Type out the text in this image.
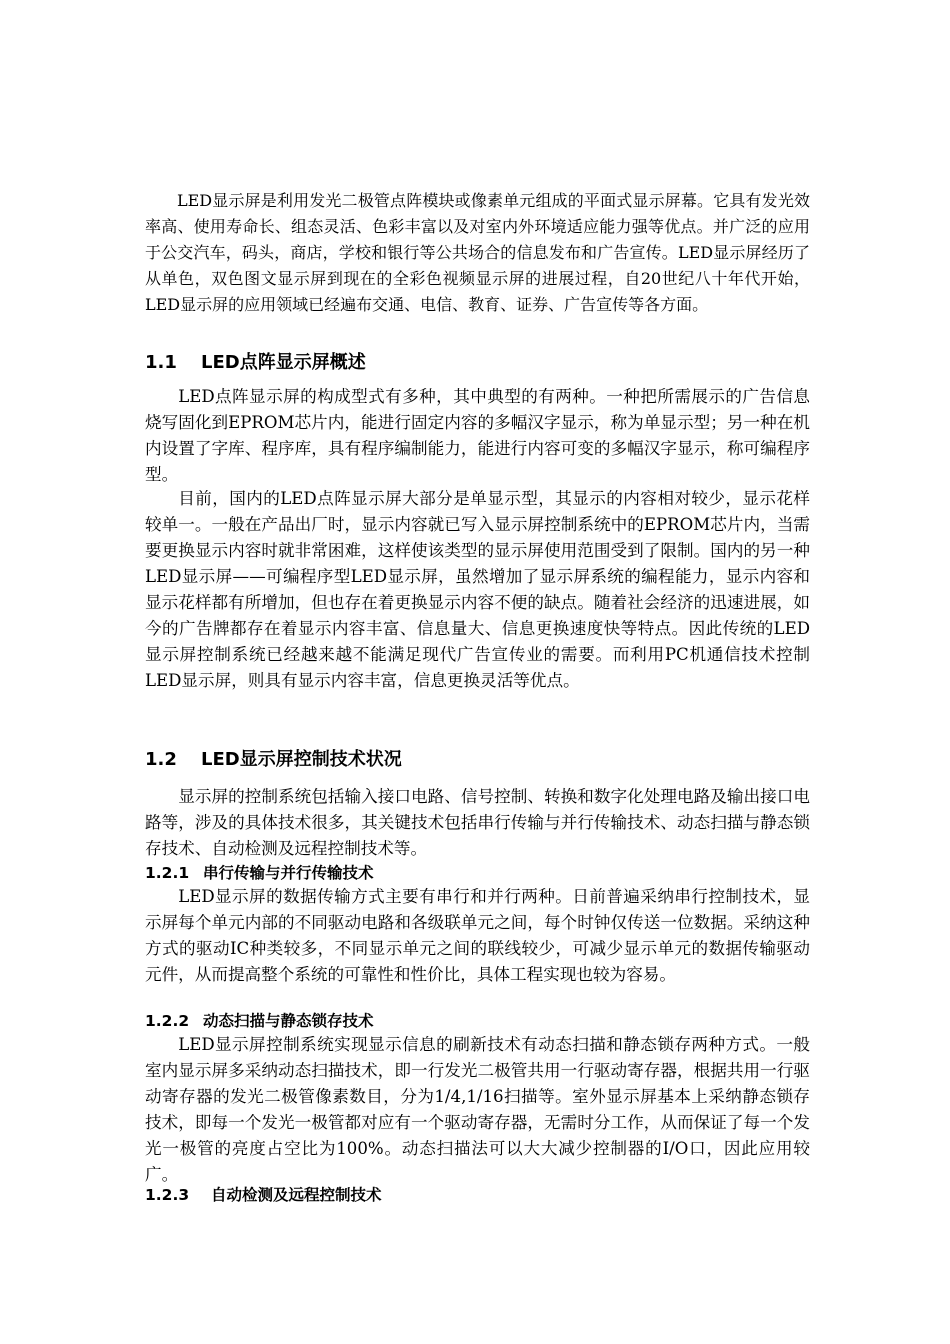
LED显示屏是利用发光二极管点阵模块或像素单元组成的平面式显示屏幕。它具有发光效率高、使用寿命长、组态灵活、色彩丰富以及对室内外环境适应能力强等优点。并广泛的应用于公交汽车，码头，商店，学校和银行等公共场合的信息发布和广告宣传。LED显示屏经历了从单色，双色图文显示屏到现在的全彩色视频显示屏的进展过程，自20世纪八十年代开始，LED显示屏的应用领域已经遍布交通、电信、教育、证券、广告宣传等各方面。

1.1 LED点阵显示屏概述

LED点阵显示屏的构成型式有多种，其中典型的有两种。一种把所需展示的广告信息烧写固化到EPROM芯片内，能进行固定内容的多幅汉字显示，称为单显示型；另一种在机内设置了字库、程序库，具有程序编制能力，能进行内容可变的多幅汉字显示，称可编程序型。

目前，国内的LED点阵显示屏大部分是单显示型，其显示的内容相对较少，显示花样较单一。一般在产品出厂时，显示内容就已写入显示屏控制系统中的EPROM芯片内，当需要更换显示内容时就非常困难，这样使该类型的显示屏使用范围受到了限制。国内的另一种LED显示屏——可编程序型LED显示屏，虽然增加了显示屏系统的编程能力，显示内容和显示花样都有所增加，但也存在着更换显示内容不便的缺点。随着社会经济的迅速进展，如今的广告牌都存在着显示内容丰富、信息量大、信息更换速度快等特点。因此传统的LED显示屏控制系统已经越来越不能满足现代广告宣传业的需要。而利用PC机通信技术控制LED显示屏，则具有显示内容丰富，信息更换灵活等优点。

1.2 LED显示屏控制技术状况

显示屏的控制系统包括输入接口电路、信号控制、转换和数字化处理电路及输出接口电路等，涉及的具体技术很多，其关键技术包括串行传输与并行传输技术、动态扫描与静态锁存技术、自动检测及远程控制技术等。

1.2.1 串行传输与并行传输技术

LED显示屏的数据传输方式主要有串行和并行两种。日前普遍采纳串行控制技术，显示屏每个单元内部的不同驱动电路和各级联单元之间，每个时钟仅传送一位数据。采纳这种方式的驱动IC种类较多，不同显示单元之间的联线较少，可减少显示单元的数据传输驱动元件，从而提高整个系统的可靠性和性价比，具体工程实现也较为容易。

1.2.2 动态扫描与静态锁存技术

LED显示屏控制系统实现显示信息的刷新技术有动态扫描和静态锁存两种方式。一般室内显示屏多采纳动态扫描技术，即一行发光二极管共用一行驱动寄存器，根据共用一行驱动寄存器的发光二极管像素数目，分为1/4,1/16扫描等。室外显示屏基本上采纳静态锁存技术，即每一个发光一极管都对应有一个驱动寄存器，无需时分工作，从而保证了每一个发光一极管的亮度占空比为100%。动态扫描法可以大大减少控制器的I/O口，因此应用较广。

1.2.3 自动检测及远程控制技术
